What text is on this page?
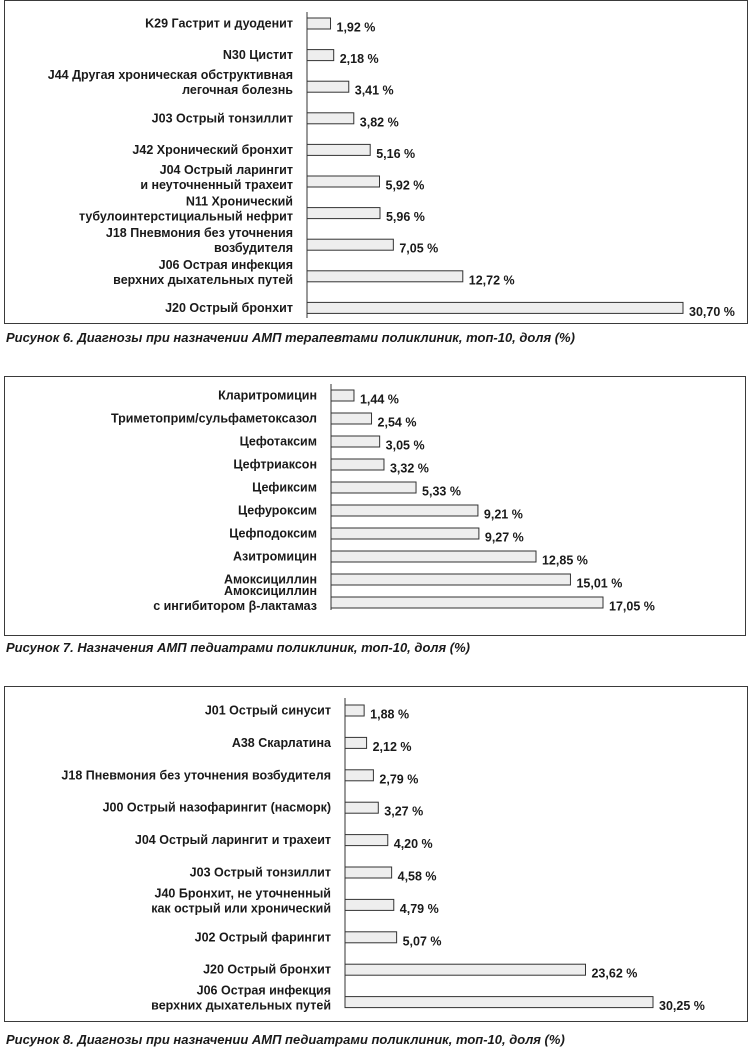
1,92 %
K29 Гастрит и дуоденит
2,18 %
N30 Цистит
3,41 %
J44 Другая хроническая обструктивная
легочная болезнь
3,82 %
J03 Острый тонзиллит
5,16 %
J42 Хронический бронхит
5,92 %
J04 Острый ларингит
и неуточненный трахеит
5,96 %
N11 Хронический
тубулоинтерстициальный нефрит
7,05 %
J18 Пневмония без уточнения
возбудителя
12,72 %
J06 Острая инфекция
верхних дыхательных путей
30,70 %
J20 Острый бронхит
Рисунок 6. Диагнозы при назначении АМП терапевтами поликлиник, топ-10, доля (%)
1,44 %
Кларитромицин
2,54 %
Триметоприм/сульфаметоксазол
3,05 %
Цефотаксим
3,32 %
Цефтриаксон
5,33 %
Цефиксим
9,21 %
Цефуроксим
9,27 %
Цефподоксим
12,85 %
Азитромицин
15,01 %
Амоксициллин
17,05 %
Амоксициллин
с ингибитором β-лактамаз
Рисунок 7. Назначения АМП педиатрами поликлиник, топ-10, доля (%)
1,88 %
J01 Острый синусит
2,12 %
A38 Скарлатина
2,79 %
J18 Пневмония без уточнения возбудителя
3,27 %
J00 Острый назофарингит (насморк)
4,20 %
J04 Острый ларингит и трахеит
4,58 %
J03 Острый тонзиллит
4,79 %
J40 Бронхит, не уточненный
как острый или хронический
5,07 %
J02 Острый фарингит
23,62 %
J20 Острый бронхит
30,25 %
J06 Острая инфекция
верхних дыхательных путей
Рисунок 8. Диагнозы при назначении АМП педиатрами поликлиник, топ-10, доля (%)
